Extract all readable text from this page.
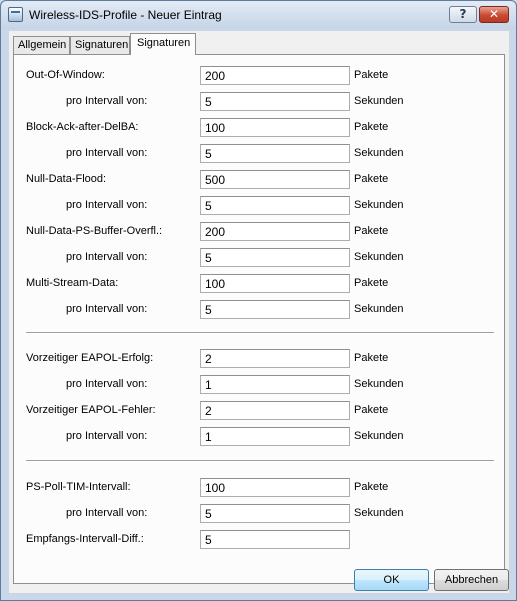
Wireless-IDS-Profile - Neuer Eintrag	?	✕
Allgemein Signaturen Signaturen
Out-Of-Window:	200	Pakete
pro Intervall von:	5	Sekunden
Block-Ack-after-DelBA:	100	Pakete
pro Intervall von:	5	Sekunden
Null-Data-Flood:	500	Pakete
pro Intervall von:	5	Sekunden
Null-Data-PS-Buffer-Overfl.:	200	Pakete
pro Intervall von:	5	Sekunden
Multi-Stream-Data:	100	Pakete
pro Intervall von:	5	Sekunden
Vorzeitiger EAPOL-Erfolg:	2	Pakete
pro Intervall von:	1	Sekunden
Vorzeitiger EAPOL-Fehler:	2	Pakete
pro Intervall von:	1	Sekunden
PS-Poll-TIM-Intervall:	100	Pakete
pro Intervall von:	5	Sekunden
Empfangs-Intervall-Diff.:	5
OK	Abbrechen
